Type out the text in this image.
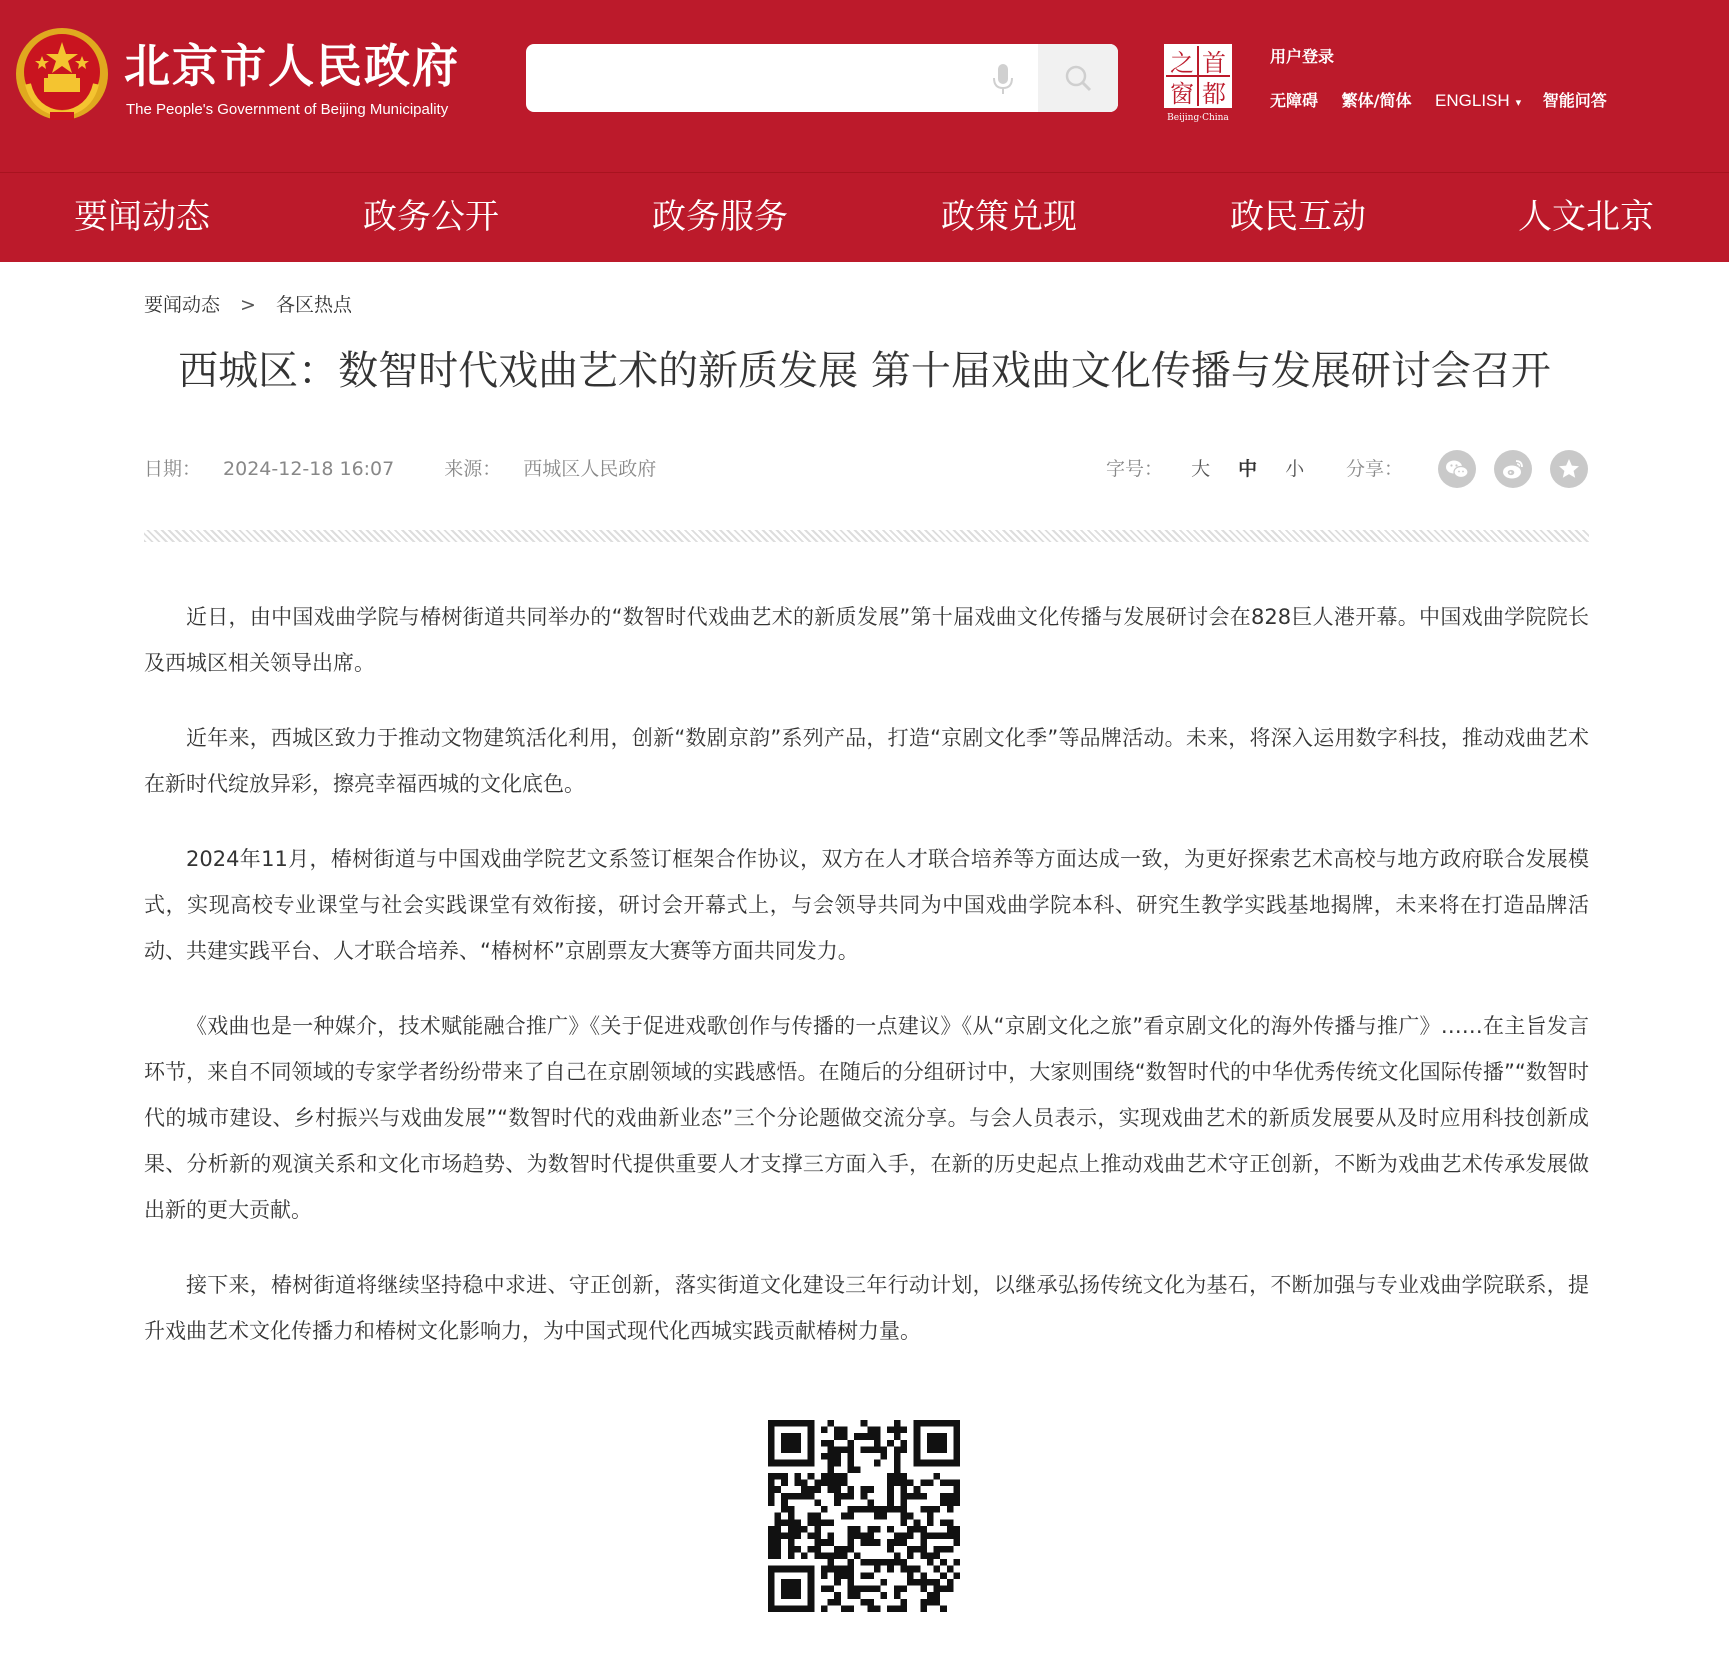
北京市人民政府
The People's Government of Beijing Municipality
之 首
窗 都
Beijing·China
用户登录
无障碍 繁体/简体 ENGLISH ▾ 智能问答
要闻动态	政务公开	政务服务	政策兑现	政民互动	人文北京
要闻动态 > 各区热点
西城区：数智时代戏曲艺术的新质发展 第十届戏曲文化传播与发展研讨会召开
日期： 2024-12-18 16:07	来源： 西城区人民政府	字号： 大 中 小 分享：

近日，由中国戏曲学院与椿树街道共同举办的“数智时代戏曲艺术的新质发展”第十届戏曲文化传播与发展研讨会在828巨人港开幕。中国戏曲学院院长及西城区相关领导出席。

近年来，西城区致力于推动文物建筑活化利用，创新“数剧京韵”系列产品，打造“京剧文化季”等品牌活动。未来，将深入运用数字科技，推动戏曲艺术在新时代绽放异彩，擦亮幸福西城的文化底色。

2024年11月，椿树街道与中国戏曲学院艺文系签订框架合作协议，双方在人才联合培养等方面达成一致，为更好探索艺术高校与地方政府联合发展模式，实现高校专业课堂与社会实践课堂有效衔接，研讨会开幕式上，与会领导共同为中国戏曲学院本科、研究生教学实践基地揭牌，未来将在打造品牌活动、共建实践平台、人才联合培养、“椿树杯”京剧票友大赛等方面共同发力。

《戏曲也是一种媒介，技术赋能融合推广》《关于促进戏歌创作与传播的一点建议》《从“京剧文化之旅”看京剧文化的海外传播与推广》……在主旨发言环节，来自不同领域的专家学者纷纷带来了自己在京剧领域的实践感悟。在随后的分组研讨中，大家则围绕“数智时代的中华优秀传统文化国际传播”“数智时代的城市建设、乡村振兴与戏曲发展”“数智时代的戏曲新业态”三个分论题做交流分享。与会人员表示，实现戏曲艺术的新质发展要从及时应用科技创新成果、分析新的观演关系和文化市场趋势、为数智时代提供重要人才支撑三方面入手，在新的历史起点上推动戏曲艺术守正创新，不断为戏曲艺术传承发展做出新的更大贡献。

接下来，椿树街道将继续坚持稳中求进、守正创新，落实街道文化建设三年行动计划，以继承弘扬传统文化为基石，不断加强与专业戏曲学院联系，提升戏曲艺术文化传播力和椿树文化影响力，为中国式现代化西城实践贡献椿树力量。
